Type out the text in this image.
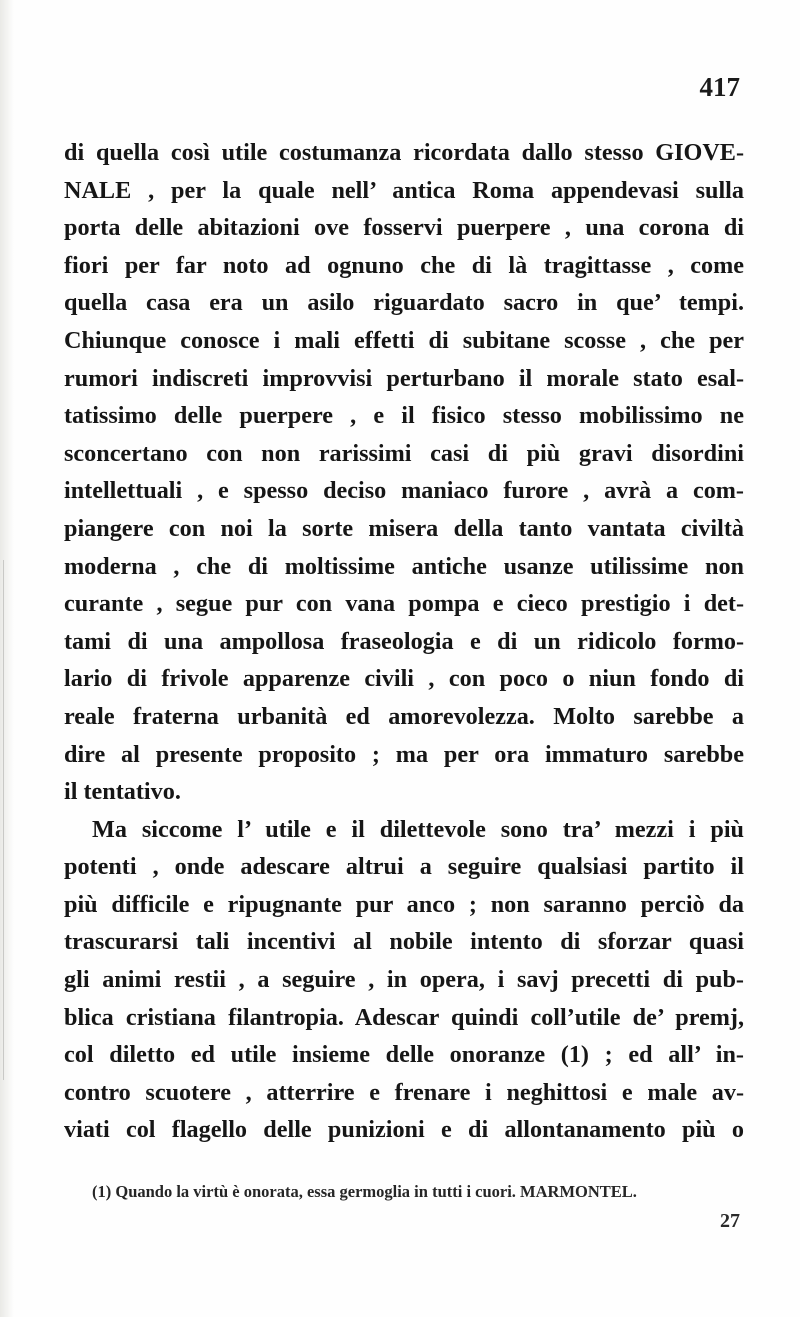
417
di quella così utile costumanza ricordata dallo stesso GIOVE-
NALE , per la quale nell’ antica Roma appendevasi sulla
porta delle abitazioni ove fosservi puerpere , una corona di
fiori per far noto ad ognuno che di là tragittasse , come
quella casa era un asilo riguardato sacro in que’ tempi.
Chiunque conosce i mali effetti di subitane scosse , che per
rumori indiscreti improvvisi perturbano il morale stato esal-
tatissimo delle puerpere , e il fisico stesso mobilissimo ne
sconcertano con non rarissimi casi di più gravi disordini
intellettuali , e spesso deciso maniaco furore , avrà a com-
piangere con noi la sorte misera della tanto vantata civiltà
moderna , che di moltissime antiche usanze utilissime non
curante , segue pur con vana pompa e cieco prestigio i det-
tami di una ampollosa fraseologia e di un ridicolo formo-
lario di frivole apparenze civili , con poco o niun fondo di
reale fraterna urbanità ed amorevolezza. Molto sarebbe a
dire al presente proposito ; ma per ora immaturo sarebbe
il tentativo.
Ma siccome l’ utile e il dilettevole sono tra’ mezzi i più
potenti , onde adescare altrui a seguire qualsiasi partito il
più difficile e ripugnante pur anco ; non saranno perciò da
trascurarsi tali incentivi al nobile intento di sforzar quasi
gli animi restii , a seguire , in opera, i savj precetti di pub-
blica cristiana filantropia. Adescar quindi coll’utile de’ premj,
col diletto ed utile insieme delle onoranze (1) ; ed all’ in-
contro scuotere , atterrire e frenare i neghittosi e male av-
viati col flagello delle punizioni e di allontanamento più o
(1) Quando la virtù è onorata, essa germoglia in tutti i cuori. MARMONTEL.
27
